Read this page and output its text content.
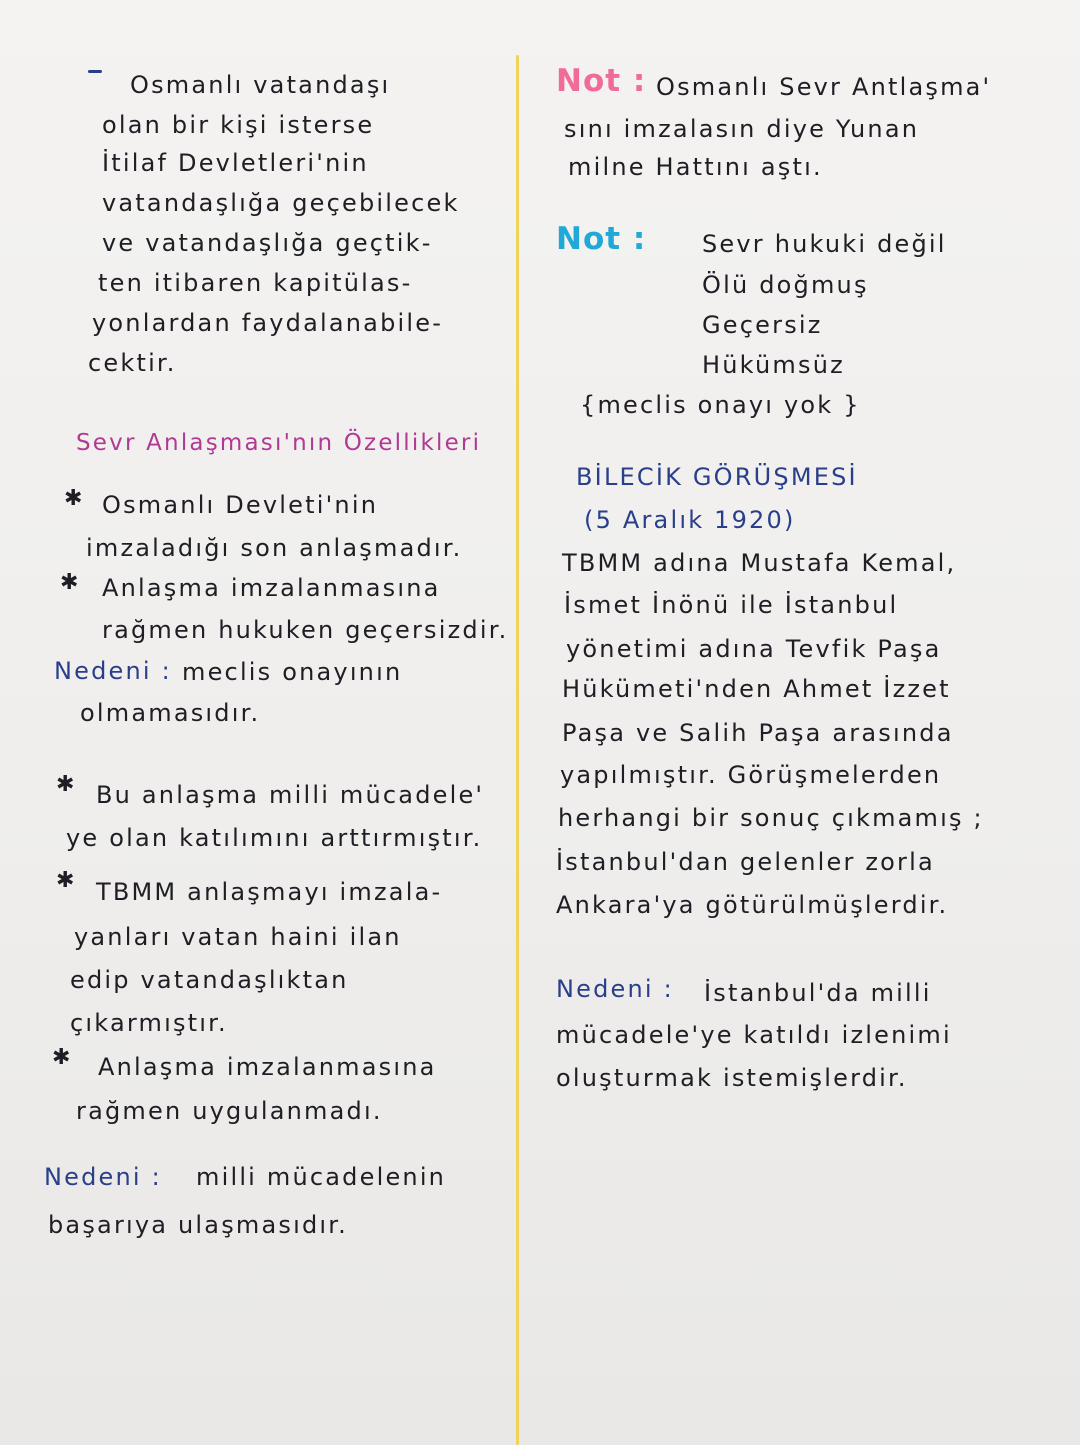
Osmanlı vatandaşı
olan bir kişi isterse
İtilaf Devletleri'nin
vatandaşlığa geçebilecek
ve vatandaşlığa geçtik-
ten itibaren kapitülas-
yonlardan faydalanabile-
cektir.
Sevr Anlaşması'nın Özellikleri
✱ Osmanlı Devleti'nin
imzaladığı son anlaşmadır.
✱ Anlaşma imzalanmasına
rağmen hukuken geçersizdir.
Nedeni : meclis onayının
olmamasıdır.
✱ Bu anlaşma milli mücadele'
ye olan katılımını arttırmıştır.
✱ TBMM anlaşmayı imzala-
yanları vatan haini ilan
edip vatandaşlıktan
çıkarmıştır.
✱ Anlaşma imzalanmasına
rağmen uygulanmadı.
Nedeni : milli mücadelenin
başarıya ulaşmasıdır.
Not : Osmanlı Sevr Antlaşma'
sını imzalasın diye Yunan
milne Hattını aştı.
Not : Sevr hukuki değil
Ölü doğmuş
Geçersiz
Hükümsüz
{meclis onayı yok }
BİLECİK GÖRÜŞMESİ
(5 Aralık 1920)
TBMM adına Mustafa Kemal,
İsmet İnönü ile İstanbul
yönetimi adına Tevfik Paşa
Hükümeti'nden Ahmet İzzet
Paşa ve Salih Paşa arasında
yapılmıştır. Görüşmelerden
herhangi bir sonuç çıkmamış ;
İstanbul'dan gelenler zorla
Ankara'ya götürülmüşlerdir.
Nedeni : İstanbul'da milli
mücadele'ye katıldı izlenimi
oluşturmak istemişlerdir.
